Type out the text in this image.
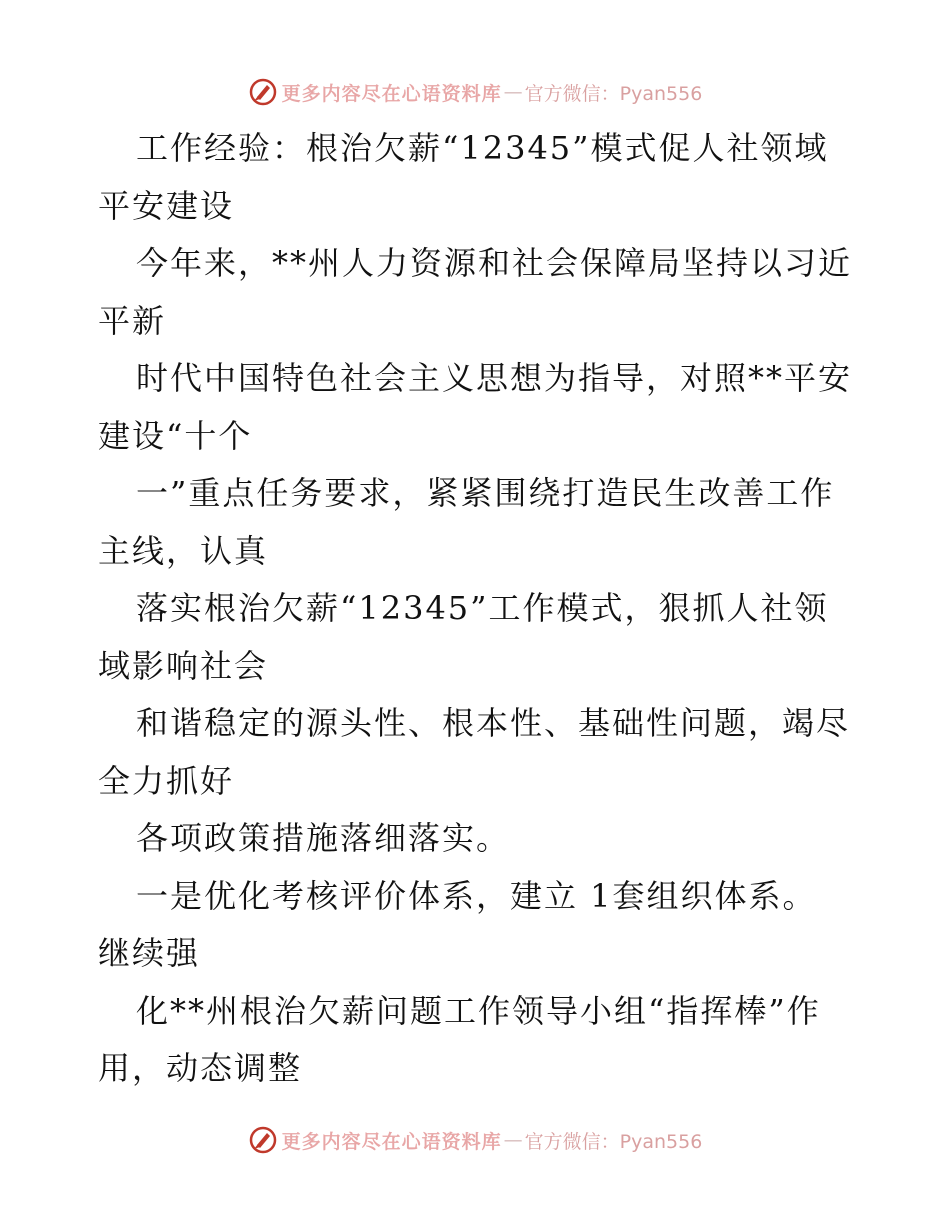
更多内容尽在心语资料库 — 官方微信：Pyan556
工作经验：根治欠薪“12345”模式促人社领域
平安建设
今年来，**州人力资源和社会保障局坚持以习近
平新
时代中国特色社会主义思想为指导，对照**平安
建设“十个
一”重点任务要求，紧紧围绕打造民生改善工作
主线，认真
落实根治欠薪“12345”工作模式，狠抓人社领
域影响社会
和谐稳定的源头性、根本性、基础性问题，竭尽
全力抓好
各项政策措施落细落实。
一是优化考核评价体系，建立 1套组织体系。
继续强
化**州根治欠薪问题工作领导小组“指挥棒”作
用，动态调整
更多内容尽在心语资料库 — 官方微信：Pyan556
